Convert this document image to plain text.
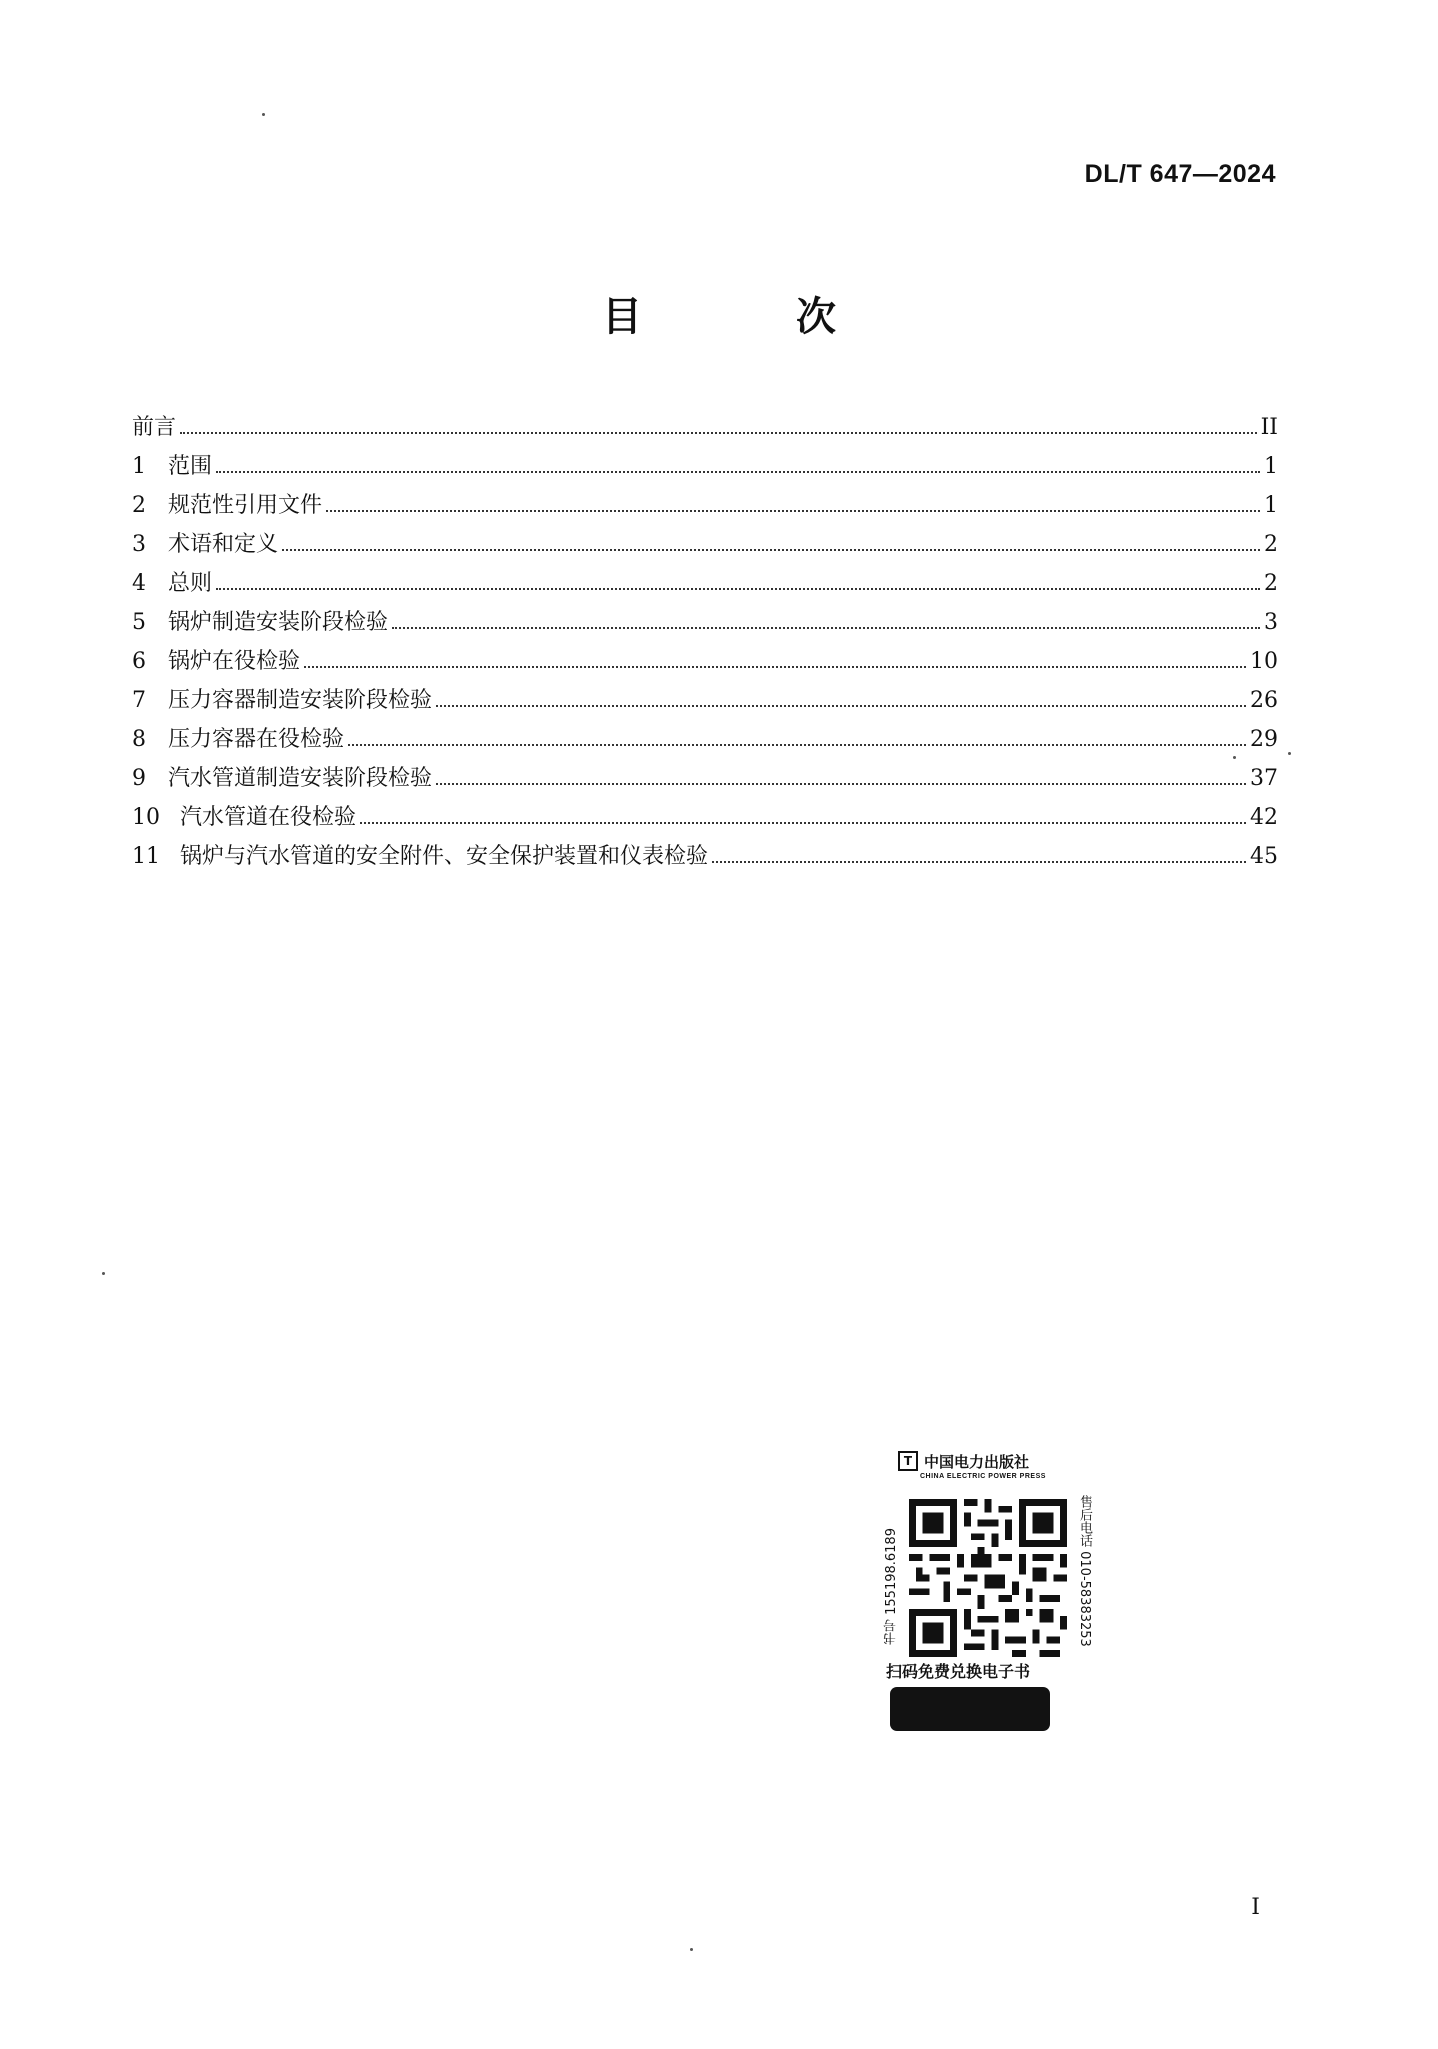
DL/T 647—2024
目 次
前言	II
1	范围	1
2	规范性引用文件	1
3	术语和定义	2
4	总则	2
5	锅炉制造安装阶段检验	3
6	锅炉在役检验	10
7	压力容器制造安装阶段检验	26
8	压力容器在役检验	29
9	汽水管道制造安装阶段检验	37
10 汽水管道在役检验	42
11 锅炉与汽水管道的安全附件、安全保护装置和仪表检验	45
T 中国电力出版社
CHINA ELECTRIC POWER PRESS
书号 155198.6189	售后电话 010-58383253
扫码免费兑换电子书
I
